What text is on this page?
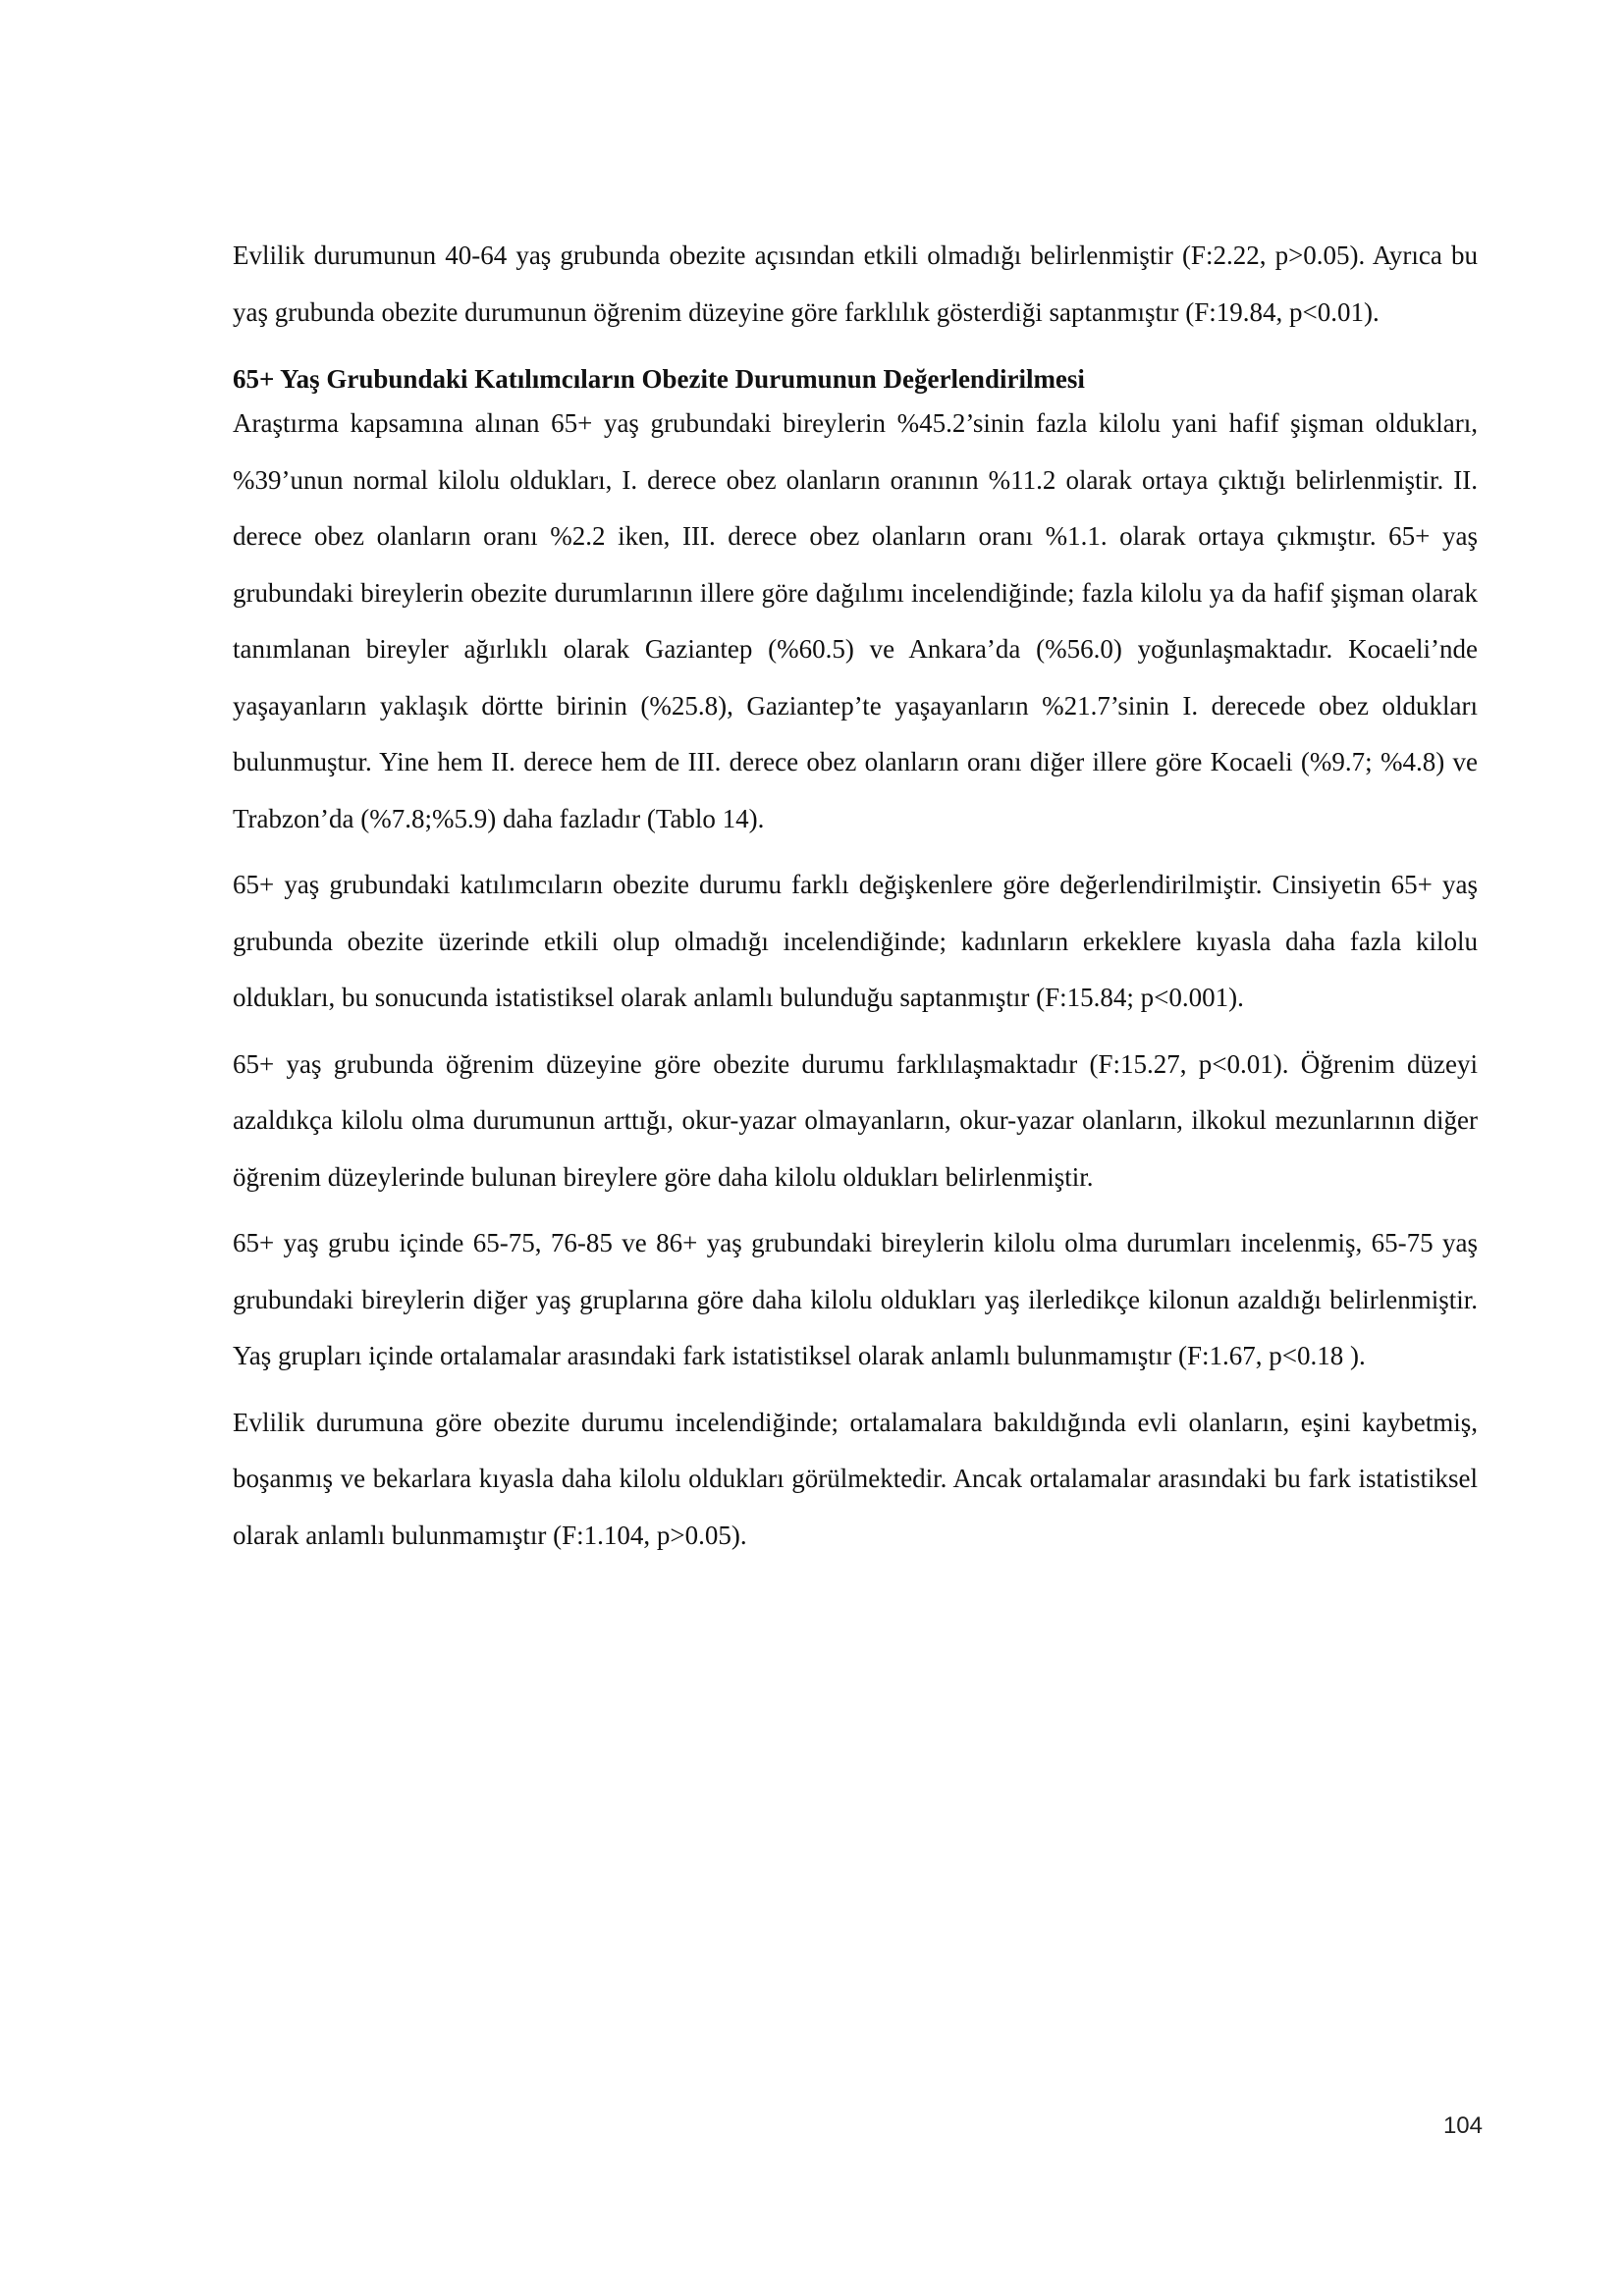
Evlilik durumunun 40-64 yaş grubunda obezite açısından etkili olmadığı belirlenmiştir (F:2.22, p>0.05). Ayrıca bu yaş grubunda obezite durumunun öğrenim düzeyine göre farklılık gösterdiği saptanmıştır (F:19.84, p<0.01).

65+ Yaş Grubundaki Katılımcıların Obezite Durumunun Değerlendirilmesi

Araştırma kapsamına alınan 65+ yaş grubundaki bireylerin %45.2’sinin fazla kilolu yani hafif şişman oldukları, %39’unun normal kilolu oldukları, I. derece obez olanların oranının %11.2 olarak ortaya çıktığı belirlenmiştir. II. derece obez olanların oranı %2.2 iken, III. derece obez olanların oranı %1.1. olarak ortaya çıkmıştır. 65+ yaş grubundaki bireylerin obezite durumlarının illere göre dağılımı incelendiğinde; fazla kilolu ya da hafif şişman olarak tanımlanan bireyler ağırlıklı olarak Gaziantep (%60.5) ve Ankara’da (%56.0) yoğunlaşmaktadır. Kocaeli’nde yaşayanların yaklaşık dörtte birinin (%25.8), Gaziantep’te yaşayanların %21.7’sinin I. derecede obez oldukları bulunmuştur. Yine hem II. derece hem de III. derece obez olanların oranı diğer illere göre Kocaeli (%9.7; %4.8) ve Trabzon’da (%7.8;%5.9) daha fazladır (Tablo 14).

65+ yaş grubundaki katılımcıların obezite durumu farklı değişkenlere göre değerlendirilmiştir. Cinsiyetin 65+ yaş grubunda obezite üzerinde etkili olup olmadığı incelendiğinde; kadınların erkeklere kıyasla daha fazla kilolu oldukları, bu sonucunda istatistiksel olarak anlamlı bulunduğu saptanmıştır (F:15.84; p<0.001).

65+ yaş grubunda öğrenim düzeyine göre obezite durumu farklılaşmaktadır (F:15.27, p<0.01). Öğrenim düzeyi azaldıkça kilolu olma durumunun arttığı, okur-yazar olmayanların, okur-yazar olanların, ilkokul mezunlarının diğer öğrenim düzeylerinde bulunan bireylere göre daha kilolu oldukları belirlenmiştir.

65+ yaş grubu içinde 65-75, 76-85 ve 86+ yaş grubundaki bireylerin kilolu olma durumları incelenmiş, 65-75 yaş grubundaki bireylerin diğer yaş gruplarına göre daha kilolu oldukları yaş ilerledikçe kilonun azaldığı belirlenmiştir. Yaş grupları içinde ortalamalar arasındaki fark istatistiksel olarak anlamlı bulunmamıştır (F:1.67, p<0.18 ).

Evlilik durumuna göre obezite durumu incelendiğinde; ortalamalara bakıldığında evli olanların, eşini kaybetmiş, boşanmış ve bekarlara kıyasla daha kilolu oldukları görülmektedir. Ancak ortalamalar arasındaki bu fark istatistiksel olarak anlamlı bulunmamıştır (F:1.104, p>0.05).

104
